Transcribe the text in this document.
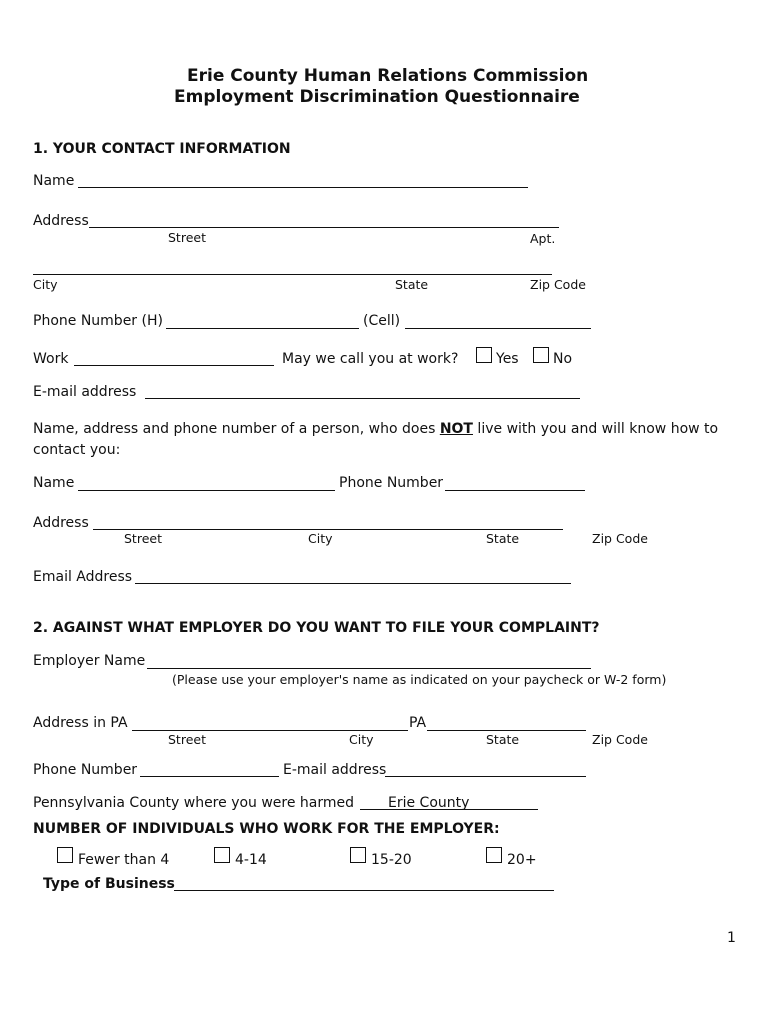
Erie County Human Relations Commission
Employment Discrimination Questionnaire
1. YOUR CONTACT INFORMATION
Name
Address
Street	Apt.
City	State	Zip Code
Phone Number (H)	(Cell)
Work	May we call you at work?	Yes No
E-mail address
Name, address and phone number of a person, who does NOT live with you and will know how to
contact you:
Name	Phone Number
Address
Street	City	State	Zip Code
Email Address
2. AGAINST WHAT EMPLOYER DO YOU WANT TO FILE YOUR COMPLAINT?
Employer Name
(Please use your employer's name as indicated on your paycheck or W-2 form)
Address in PA	PA
Street	City	State	Zip Code
Phone Number	E-mail address
Pennsylvania County where you were harmed Erie County
NUMBER OF INDIVIDUALS WHO WORK FOR THE EMPLOYER:
Fewer than 4	4-14	15-20	20+
Type of Business
1
